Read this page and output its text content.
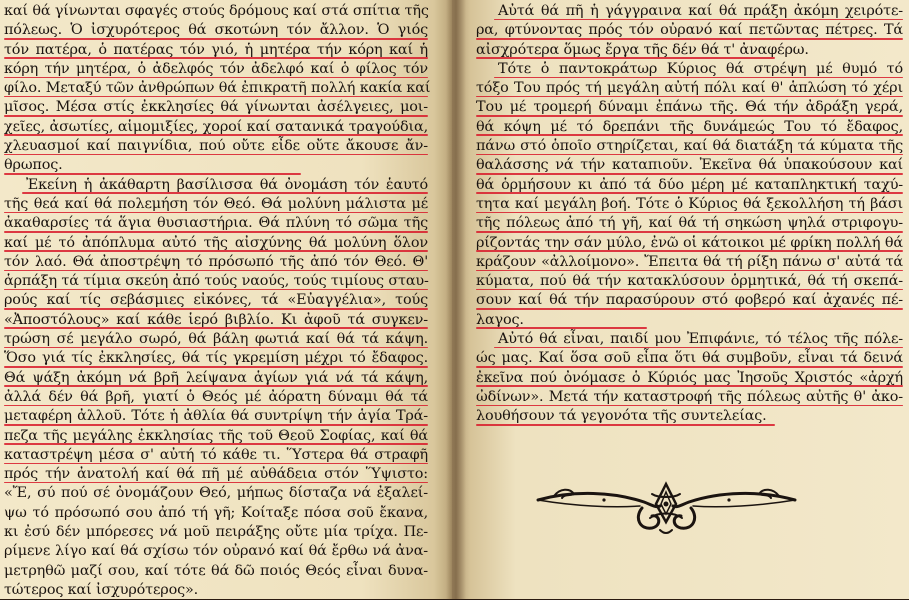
καί θά γίνωνται σφαγές στούς δρόμους καί στά σπίτια τῆς
πόλεως. Ὁ ἰσχυρότερος θά σκοτώνη τόν ἄλλον. Ὁ γιός
τόν πατέρα, ὁ πατέρας τόν γιό, ἡ μητέρα τήν κόρη καί ἡ
κόρη τήν μητέρα, ὁ ἀδελφός τόν ἀδελφό καί ὁ φίλος τόν
φίλο. Μεταξύ τῶν ἀνθρώπων θά ἐπικρατῆ πολλή κακία καί
μῖσος. Μέσα στίς ἐκκλησίες θά γίνωνται ἀσέλγειες, μοι-
χεῖες, ἀσωτίες, αἱμομιξίες, χοροί καί σατανικά τραγούδια,
χλευασμοί καί παιγνίδια, πού οὔτε εἶδε οὔτε ἄκουσε ἄν-
θρωπος.
Ἐκείνη ἡ ἀκάθαρτη βασίλισσα θά ὀνομάση τόν ἑαυτό
τῆς θεά καί θά πολεμήση τόν Θεό. Θά μολύνη μάλιστα μέ
ἀκαθαρσίες τά ἅγια θυσιαστήρια. Θά πλύνη τό σῶμα τῆς
καί μέ τό ἀπόπλυμα αὐτό τῆς αἰσχύνης θά μολύνη ὅλον
τόν λαό. Θά ἀποστρέψη τό πρόσωπό τῆς ἀπό τόν Θεό. Θ'
ἁρπάξη τά τίμια σκεύη ἀπό τούς ναούς, τούς τιμίους σταυ-
ρούς καί τίς σεβάσμιες εἰκόνες, τά «Εὐαγγέλια», τούς
«Ἀποστόλους» καί κάθε ἱερό βιβλίο. Κι ἀφοῦ τά συγκεν-
τρώση σέ μεγάλο σωρό, θά βάλη φωτιά καί θά τά κάψη.
Ὅσο γιά τίς ἐκκλησίες, θά τίς γκρεμίση μέχρι τό ἔδαφος.
Θά ψάξη ἀκόμη νά βρῆ λείψανα ἁγίων γιά νά τά κάψη,
ἀλλά δέν θά βρῆ, γιατί ὁ Θεός μέ ἀόρατη δύναμι θά τά
μεταφέρη ἀλλοῦ. Τότε ἡ ἀθλία θά συντρίψη τήν ἁγία Τρά-
πεζα τῆς μεγάλης ἐκκλησίας τῆς τοῦ Θεοῦ Σοφίας, καί θά
καταστρέψη μέσα σ' αὐτή τό κάθε τι. Ὕστερα θά στραφῆ
πρός τήν ἀνατολή καί θά πῆ μέ αὐθάδεια στόν Ὕψιστο:
«Ἔ, σύ πού σέ ὀνομάζουν Θεό, μήπως δίσταζα νά ἐξαλεί-
ψω τό πρόσωπό σου ἀπό τή γῆ; Κοίταξε πόσα σοῦ ἔκανα,
κι ἐσύ δέν μπόρεσες νά μοῦ πειράξης οὔτε μία τρίχα. Πε-
ρίμενε λίγο καί θά σχίσω τόν οὐρανό καί θά ἔρθω νά ἀνα-
μετρηθῶ μαζί σου, καί τότε θά δῶ ποιός Θεός εἶναι δυνα-
τώτερος καί ἰσχυρότερος».
Αὐτά θά πῆ ἡ γάγγραινα καί θά πράξη ἀκόμη χειρότε-
ρα, φτύνοντας πρός τόν οὐρανό καί πετῶντας πέτρες. Τά
αἰσχρότερα ὅμως ἔργα τῆς δέν θά τ' ἀναφέρω.
Τότε ὁ παντοκράτωρ Κύριος θά στρέψη μέ θυμό τό
τόξο Του πρός τή μεγάλη αὐτή πόλι καί θ' ἁπλώση τό χέρι
Του μέ τρομερή δύναμι ἐπάνω τῆς. Θά τήν ἀδράξη γερά,
θά κόψη μέ τό δρεπάνι τῆς δυνάμεώς Του τό ἔδαφος,
πάνω στό ὁποῖο στηρίζεται, καί θά διατάξη τά κύματα τῆς
θαλάσσης νά τήν καταπιοῦν. Ἐκεῖνα θά ὑπακούσουν καί
θά ὁρμήσουν κι ἀπό τά δύο μέρη μέ καταπληκτική ταχύ-
τητα καί μεγάλη βοή. Τότε ὁ Κύριος θά ξεκολλήση τή βάσι
τῆς πόλεως ἀπό τή γῆ, καί θά τή σηκώση ψηλά στριφογυ-
ρίζοντάς την σάν μύλο, ἐνῶ οἱ κάτοικοι μέ φρίκη πολλή θά
κράζουν «ἀλλοίμονο». Ἔπειτα θά τή ρίξη πάνω σ' αὐτά τά
κύματα, πού θά τήν κατακλύσουν ὁρμητικά, θά τή σκεπά-
σουν καί θά τήν παρασύρουν στό φοβερό καί ἀχανές πέ-
λαγος.
Αὐτό θά εἶναι, παιδί μου Ἐπιφάνιε, τό τέλος τῆς πόλε-
ώς μας. Καί ὅσα σοῦ εἶπα ὅτι θά συμβοῦν, εἶναι τά δεινά
ἐκεῖνα πού ὀνόμασε ὁ Κύριός μας Ἰησοῦς Χριστός «ἀρχή
ὠδίνων». Μετά τήν καταστροφή τῆς πόλεως αὐτῆς θ' ἀκο-
λουθήσουν τά γεγονότα τῆς συντελείας.
